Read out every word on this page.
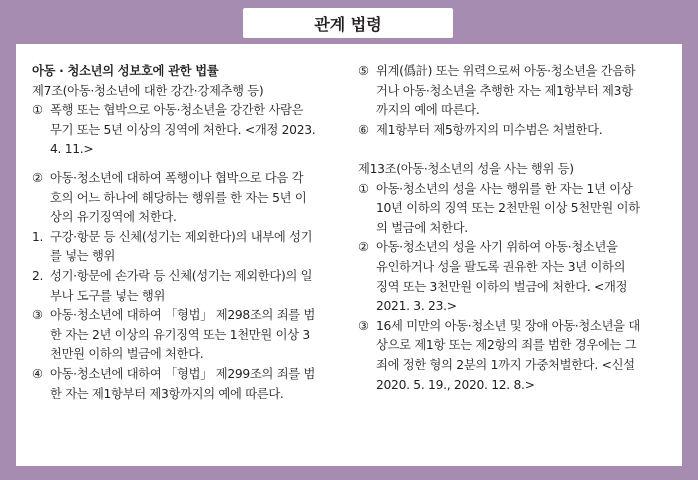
관계 법령
아동 · 청소년의 성보호에 관한 법률
제7조(아동·청소년에 대한 강간·강제추행 등)
① 폭행 또는 협박으로 아동·청소년을 강간한 사람은
무기 또는 5년 이상의 징역에 처한다. <개정 2023.
4. 11.>
② 아동·청소년에 대하여 폭행이나 협박으로 다음 각
호의 어느 하나에 해당하는 행위를 한 자는 5년 이
상의 유기징역에 처한다.
1. 구강·항문 등 신체(성기는 제외한다)의 내부에 성기
를 넣는 행위
2. 성기·항문에 손가락 등 신체(성기는 제외한다)의 일
부나 도구를 넣는 행위
③ 아동·청소년에 대하여 「형법」 제298조의 죄를 범
한 자는 2년 이상의 유기징역 또는 1천만원 이상 3
천만원 이하의 벌금에 처한다.
④ 아동·청소년에 대하여 「형법」 제299조의 죄를 범
한 자는 제1항부터 제3항까지의 예에 따른다.
⑤ 위계(僞計) 또는 위력으로써 아동·청소년을 간음하
거나 아동·청소년을 추행한 자는 제1항부터 제3항
까지의 예에 따른다.
⑥ 제1항부터 제5항까지의 미수범은 처벌한다.
제13조(아동·청소년의 성을 사는 행위 등)
① 아동·청소년의 성을 사는 행위를 한 자는 1년 이상
10년 이하의 징역 또는 2천만원 이상 5천만원 이하
의 벌금에 처한다.
② 아동·청소년의 성을 사기 위하여 아동·청소년을
유인하거나 성을 팔도록 권유한 자는 3년 이하의
징역 또는 3천만원 이하의 벌금에 처한다. <개정
2021. 3. 23.>
③ 16세 미만의 아동·청소년 및 장애 아동·청소년을 대
상으로 제1항 또는 제2항의 죄를 범한 경우에는 그
죄에 정한 형의 2분의 1까지 가중처벌한다. <신설
2020. 5. 19., 2020. 12. 8.>
